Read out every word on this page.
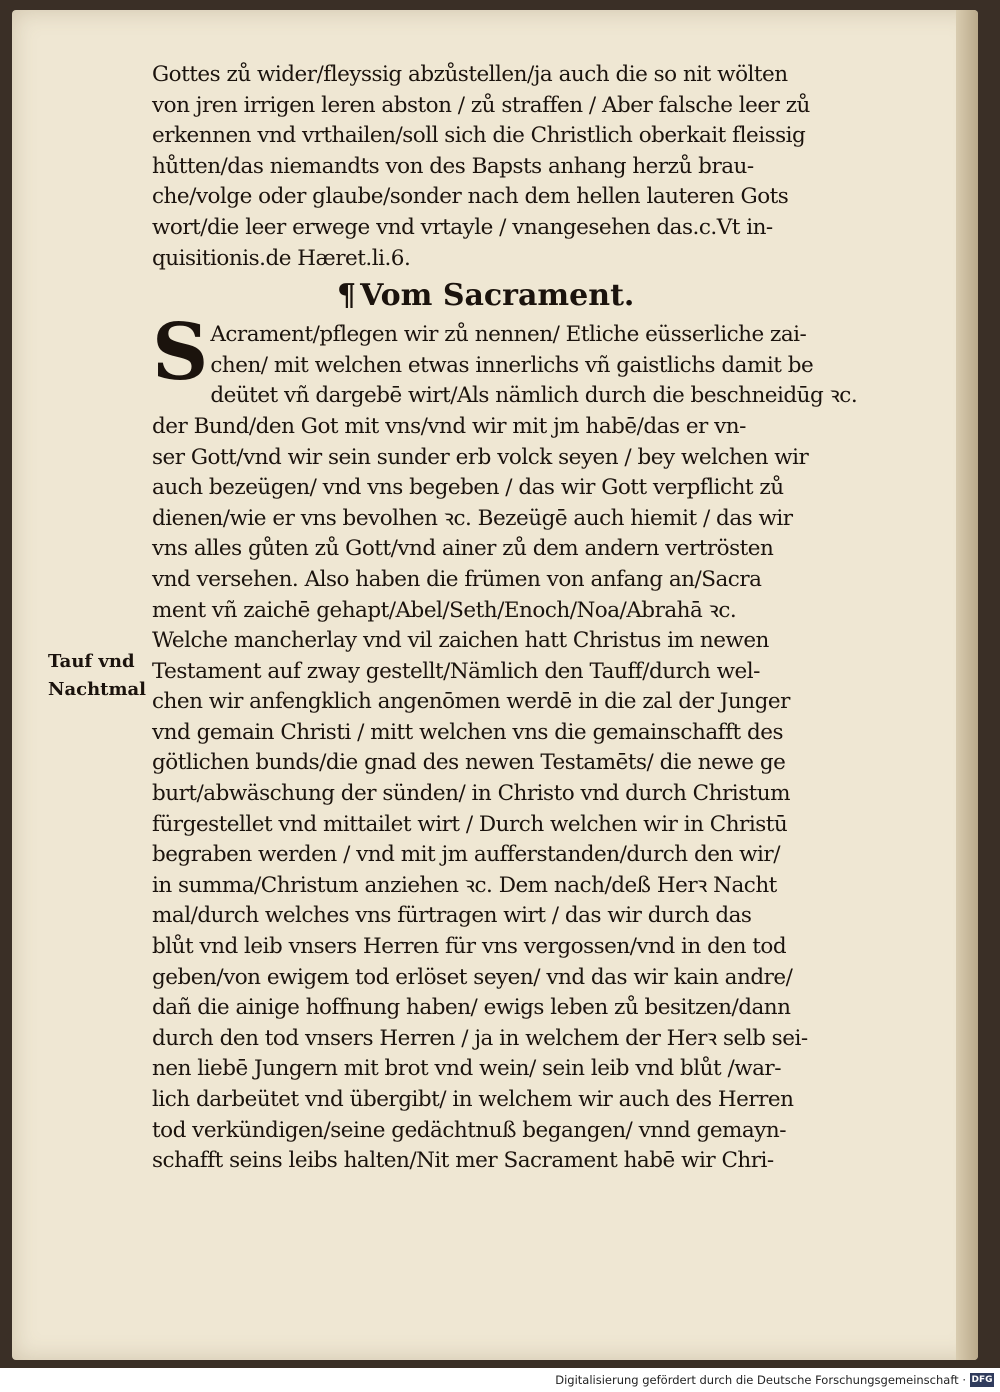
Gottes zů wider/fleyssig abzůstellen/ja auch die so nit wölten
von jren irrigen leren abston / zů straffen / Aber falsche leer zů
erkennen vnd vrthailen/soll sich die Christlich oberkait fleissig
hůtten/das niemandts von des Bapsts anhang herzů brau-
che/volge oder glaube/sonder nach dem hellen lauteren Gots
wort/die leer erwege vnd vrtayle / vnangesehen das.c.Vt in-
quisitionis.de Hæret.li.6.
¶ Vom Sacrament.
S Acrament/pflegen wir zů nennen/ Etliche eüsserliche zai-
chen/ mit welchen etwas innerlichs vñ gaistlichs damit be
deütet vñ dargebē wirt/Als nämlich durch die beschneidūg ꝛc.
der Bund/den Got mit vns/vnd wir mit jm habē/das er vn-
ser Gott/vnd wir sein sunder erb volck seyen / bey welchen wir
auch bezeügen/ vnd vns begeben / das wir Gott verpflicht zů
dienen/wie er vns bevolhen ꝛc. Bezeügē auch hiemit / das wir
vns alles gůten zů Gott/vnd ainer zů dem andern vertrösten
vnd versehen. Also haben die frümen von anfang an/Sacra
ment vñ zaichē gehapt/Abel/Seth/Enoch/Noa/Abrahā ꝛc.
Welche mancherlay vnd vil zaichen hatt Christus im newen
Testament auf zway gestellt/Nämlich den Tauff/durch wel-
chen wir anfengklich angenōmen werdē in die zal der Junger
vnd gemain Christi / mitt welchen vns die gemainschafft des
götlichen bunds/die gnad des newen Testamēts/ die newe ge
burt/abwäschung der sünden/ in Christo vnd durch Christum
fürgestellet vnd mittailet wirt / Durch welchen wir in Christū
begraben werden / vnd mit jm aufferstanden/durch den wir/
in summa/Christum anziehen ꝛc. Dem nach/deß Herꝛ Nacht
mal/durch welches vns fürtragen wirt / das wir durch das
blůt vnd leib vnsers Herren für vns vergossen/vnd in den tod
geben/von ewigem tod erlöset seyen/ vnd das wir kain andre/
dañ die ainige hoffnung haben/ ewigs leben zů besitzen/dann
durch den tod vnsers Herren / ja in welchem der Herꝛ selb sei-
nen liebē Jungern mit brot vnd wein/ sein leib vnd blůt /war-
lich darbeütet vnd übergibt/ in welchem wir auch des Herren
tod verkündigen/seine gedächtnuß begangen/ vnnd gemayn-
schafft seins leibs halten/Nit mer Sacrament habē wir Chri-
Tauf vnd
Nachtmal
Digitalisierung gefördert durch die Deutsche Forschungsgemeinschaft · DFG
